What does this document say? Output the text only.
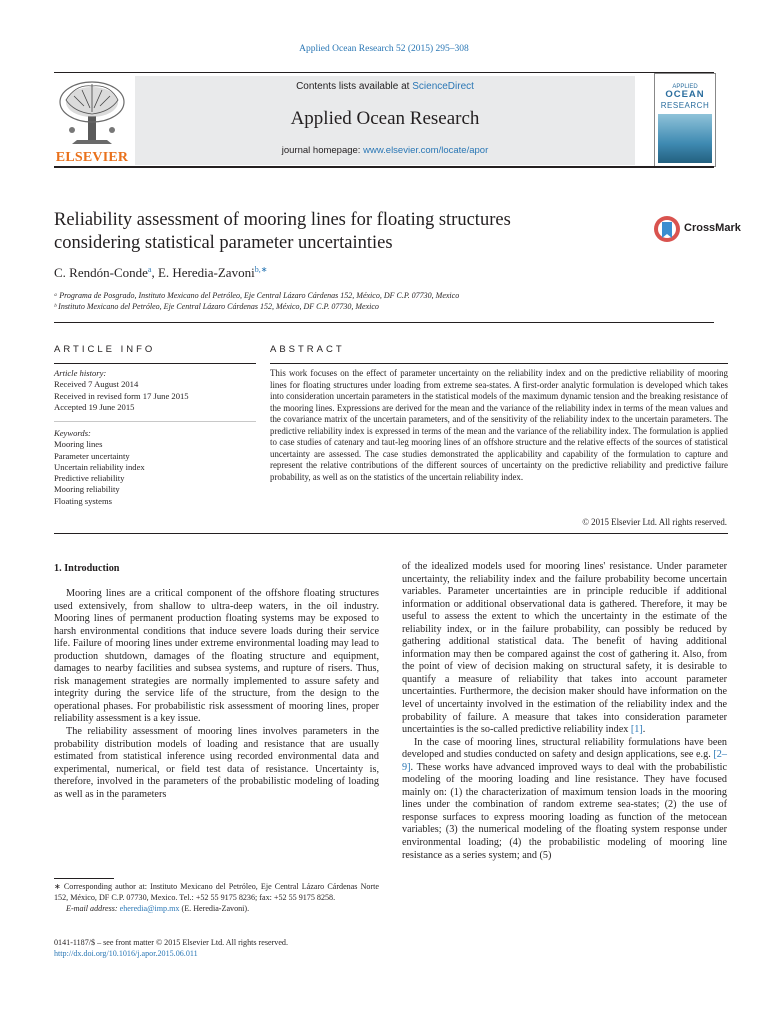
Applied Ocean Research 52 (2015) 295–308
ELSEVIER
Contents lists available at ScienceDirect
Applied Ocean Research
journal homepage: www.elsevier.com/locate/apor
APPLIED
OCEAN
RESEARCH
Reliability assessment of mooring lines for floating structures
considering statistical parameter uncertainties
CrossMark
C. Rendón-Conde$^a$, E. Heredia-Zavoni$^{b,∗}$
ᵃ Programa de Posgrado, Instituto Mexicano del Petróleo, Eje Central Lázaro Cárdenas 152, México, DF C.P. 07730, Mexico
ᵇ Instituto Mexicano del Petróleo, Eje Central Lázaro Cárdenas 152, México, DF C.P. 07730, Mexico
ARTICLE INFO
Article history:
Received 7 August 2014
Received in revised form 17 June 2015
Accepted 19 June 2015
Keywords:
Mooring lines
Parameter uncertainty
Uncertain reliability index
Predictive reliability
Mooring reliability
Floating systems
ABSTRACT
This work focuses on the effect of parameter uncertainty on the reliability index and on the predictive reliability of mooring lines for floating structures under loading from extreme sea-states. A first-order analytic formulation is developed which takes into consideration uncertain parameters in the statistical models of the maximum dynamic tension and the breaking resistance of the mooring lines. Expressions are derived for the mean and the variance of the reliability index in terms of the mean values and the covariance matrix of the uncertain parameters, and of the sensitivity of the reliability index to the uncertain parameters. The predictive reliability index is expressed in terms of the mean and the variance of the reliability index. The formulation is applied to case studies of catenary and taut-leg mooring lines of an offshore structure and the relative effects of the sources of statistical uncertainty are assessed. The case studies demonstrated the applicability and capability of the formulation to capture and represent the relative contributions of the different sources of uncertainty on the predictive reliability and predictive failure probability, as well as on the statistics of the uncertain reliability index.
© 2015 Elsevier Ltd. All rights reserved.
1. Introduction

Mooring lines are a critical component of the offshore floating structures used extensively, from shallow to ultra-deep waters, in the oil industry. Mooring lines of permanent production floating systems may be exposed to harsh environmental conditions that induce severe loads during their service life. Failure of mooring lines under extreme environmental loading may lead to production shutdown, damages of the floating structure and equipment, damages to nearby facilities and subsea systems, and rupture of risers. Thus, risk management strategies are normally implemented to assure safety and integrity during the service life of the structure, from the design to the operational phases. For probabilistic risk assessment of mooring lines, proper reliability assessment is a key issue.

The reliability assessment of mooring lines involves parameters in the probability distribution models of loading and resistance that are usually estimated from statistical inference using recorded environmental data and experimental, numerical, or field test data of resistance. Uncertainty is, therefore, involved in the parameters of the probabilistic modeling of loading as well as in the parameters

∗ Corresponding author at: Instituto Mexicano del Petróleo, Eje Central Lázaro Cárdenas Norte 152, México, DF C.P. 07730, Mexico. Tel.: +52 55 9175 8236; fax: +52 55 9175 8258.

E-mail address: eheredia@imp.mx (E. Heredia-Zavoni).

0141-1187/$ – see front matter © 2015 Elsevier Ltd. All rights reserved.
http://dx.doi.org/10.1016/j.apor.2015.06.011

of the idealized models used for mooring lines' resistance. Under parameter uncertainty, the reliability index and the failure probability become uncertain variables. Parameter uncertainties are in principle reducible if additional information or additional observational data is gathered. Therefore, it may be useful to assess the extent to which the uncertainty in the estimate of the reliability index, or in the failure probability, can possibly be reduced by gathering additional statistical data. The benefit of having additional information may then be compared against the cost of gathering it. Also, from the point of view of decision making on structural safety, it is desirable to quantify a measure of reliability that takes into account parameter uncertainties. Furthermore, the decision maker should have information on the level of uncertainty involved in the estimation of the reliability index and the probability of failure. A measure that takes into consideration parameter uncertainties is the so-called predictive reliability index [1].

In the case of mooring lines, structural reliability formulations have been developed and studies conducted on safety and design applications, see e.g. [2–9]. These works have advanced improved ways to deal with the probabilistic modeling of the mooring loading and line resistance. They have focused mainly on: (1) the characterization of maximum tension loads in the mooring lines under the combination of random extreme sea-states; (2) the use of response surfaces to express mooring loading as function of the metocean variables; (3) the numerical modeling of the floating system response under environmental loading; (4) the probabilistic modeling of mooring line resistance as a series system; and (5)
